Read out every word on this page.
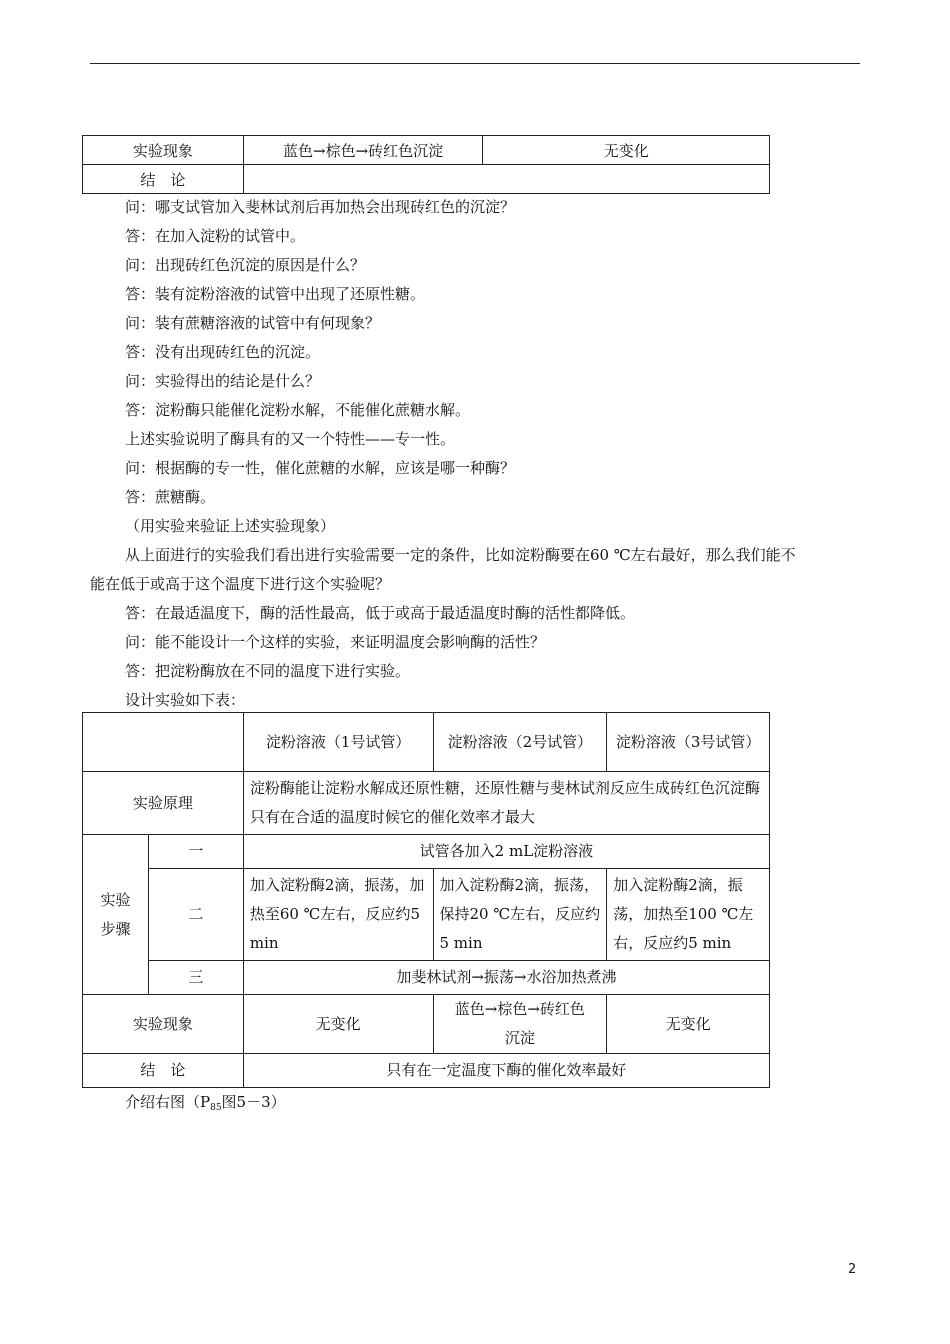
实验现象	蓝色→棕色→砖红色沉淀	无变化
结　论		
问：哪支试管加入斐林试剂后再加热会出现砖红色的沉淀？
答：在加入淀粉的试管中。
问：出现砖红色沉淀的原因是什么？
答：装有淀粉溶液的试管中出现了还原性糖。
问：装有蔗糖溶液的试管中有何现象？
答：没有出现砖红色的沉淀。
问：实验得出的结论是什么？
答：淀粉酶只能催化淀粉水解，不能催化蔗糖水解。
上述实验说明了酶具有的又一个特性——专一性。
问：根据酶的专一性，催化蔗糖的水解，应该是哪一种酶？
答：蔗糖酶。
（用实验来验证上述实验现象）
从上面进行的实验我们看出进行实验需要一定的条件，比如淀粉酶要在60 ℃左右最好，那么我们能不
能在低于或高于这个温度下进行这个实验呢？
答：在最适温度下，酶的活性最高，低于或高于最适温度时酶的活性都降低。
问：能不能设计一个这样的实验，来证明温度会影响酶的活性？
答：把淀粉酶放在不同的温度下进行实验。
设计实验如下表：
		淀粉溶液（1号试管）	淀粉溶液（2号试管）	淀粉溶液（3号试管）
实验原理		淀粉酶能让淀粉水解成还原性糖，还原性糖与斐林试剂反应生成砖红色沉淀酶只有在合适的温度时候它的催化效率才最大		
实验步骤	一	试管各加入2 mL淀粉溶液		
	二	加入淀粉酶2滴，振荡，加热至60 ℃左右，反应约5 min	加入淀粉酶2滴，振荡，保持20 ℃左右，反应约5 min	加入淀粉酶2滴，振荡，加热至100 ℃左右，反应约5 min
	三	加斐林试剂→振荡→水浴加热煮沸		
实验现象		无变化	蓝色→棕色→砖红色沉淀	无变化
结　论		只有在一定温度下酶的催化效率最好		
介绍右图（$P_{85}$图5－3）
2
